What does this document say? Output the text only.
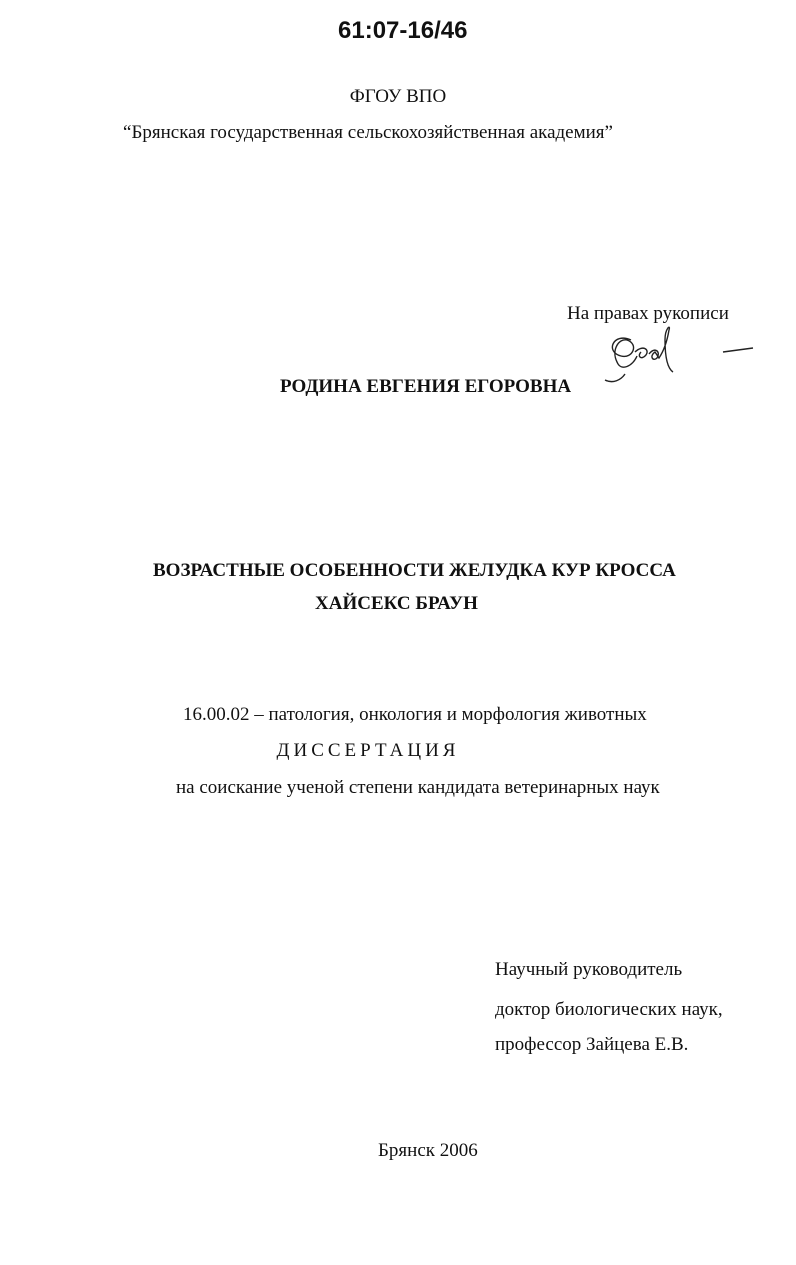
61:07-16/46
ФГОУ ВПО
“Брянская государственная сельскохозяйственная академия”
На правах рукописи
РОДИНА ЕВГЕНИЯ ЕГОРОВНА
ВОЗРАСТНЫЕ ОСОБЕННОСТИ ЖЕЛУДКА КУР КРОССА
ХАЙСЕКС БРАУН
16.00.02 – патология, онкология и морфология животных
ДИССЕРТАЦИЯ
на соискание ученой степени кандидата ветеринарных наук
Научный руководитель
доктор биологических наук,
профессор Зайцева Е.В.
Брянск 2006
